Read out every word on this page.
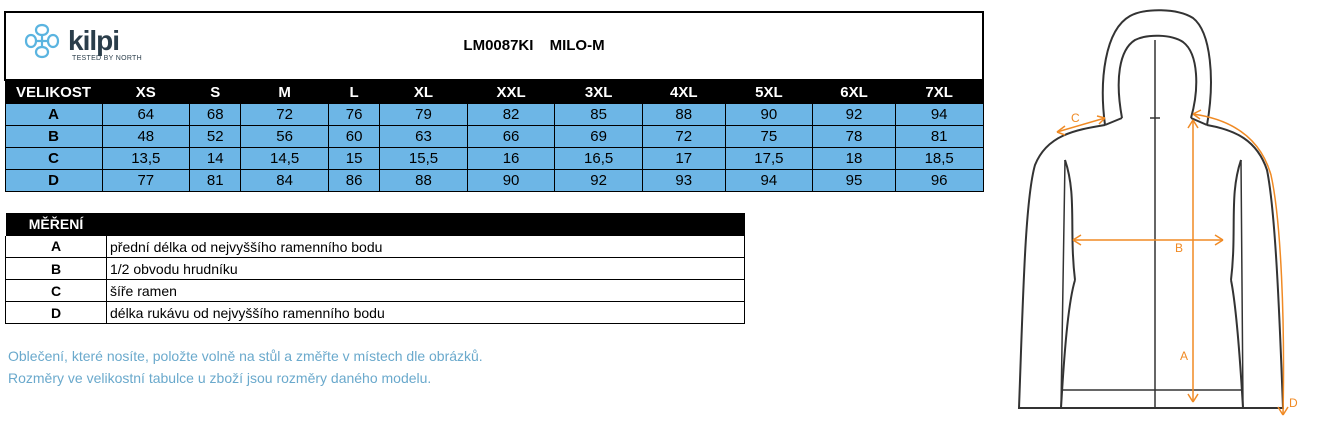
kilpi
TESTED BY NORTH
LM0087KI MILO-M											

VELIKOST	XS	S	M	L	XL	XXL	3XL	4XL	5XL	6XL	7XL
A	64	68	72	76	79	82	85	88	90	92	94
B	48	52	56	60	63	66	69	72	75	78	81
C	13,5	14	14,5	15	15,5	16	16,5	17	17,5	18	18,5
D	77	81	84	86	88	90	92	93	94	95	96
MĚŘENÍ	
A	přední délka od nejvyššího ramenního bodu
B	1/2 obvodu hrudníku
C	šíře ramen
D	délka rukávu od nejvyššího ramenního bodu
Oblečení, které nosíte, položte volně na stůl a změřte v místech dle obrázků.
Rozměry ve velikostní tabulce u zboží jsou rozměry daného modelu.
C
B
A
D
